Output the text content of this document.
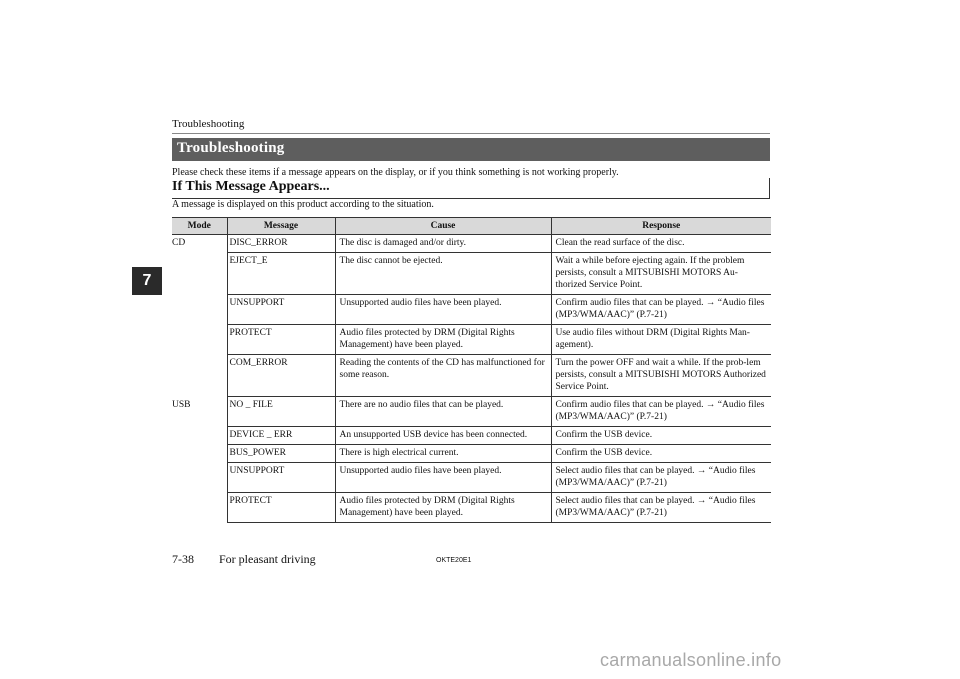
Troubleshooting
Troubleshooting
Please check these items if a message appears on the display, or if you think something is not working properly.
If This Message Appears...
A message is displayed on this product according to the situation.
7
Mode	Message	Cause	Response
CD	DISC_ERROR	The disc is damaged and/or dirty.	Clean the read surface of the disc.
	EJECT_E	The disc cannot be ejected.	Wait a while before ejecting again. If the problem persists, consult a MITSUBISHI MOTORS Au-thorized Service Point.
	UNSUPPORT	Unsupported audio files have been played.	Confirm audio files that can be played. → “Audio files (MP3/WMA/AAC)” (P.7-21)
	PROTECT	Audio files protected by DRM (Digital Rights Management) have been played.	Use audio files without DRM (Digital Rights Man-agement).
	COM_ERROR	Reading the contents of the CD has malfunctioned for some reason.	Turn the power OFF and wait a while. If the prob-lem persists, consult a MITSUBISHI MOTORS Authorized Service Point.
USB	NO _ FILE	There are no audio files that can be played.	Confirm audio files that can be played. → “Audio files (MP3/WMA/AAC)” (P.7-21)
	DEVICE _ ERR	An unsupported USB device has been connected.	Confirm the USB device.
	BUS_POWER	There is high electrical current.	Confirm the USB device.
	UNSUPPORT	Unsupported audio files have been played.	Select audio files that can be played. → “Audio files (MP3/WMA/AAC)” (P.7-21)
	PROTECT	Audio files protected by DRM (Digital Rights Management) have been played.	Select audio files that can be played. → “Audio files (MP3/WMA/AAC)” (P.7-21)
7-38 For pleasant driving	OKTE20E1
carmanualsonline.info
